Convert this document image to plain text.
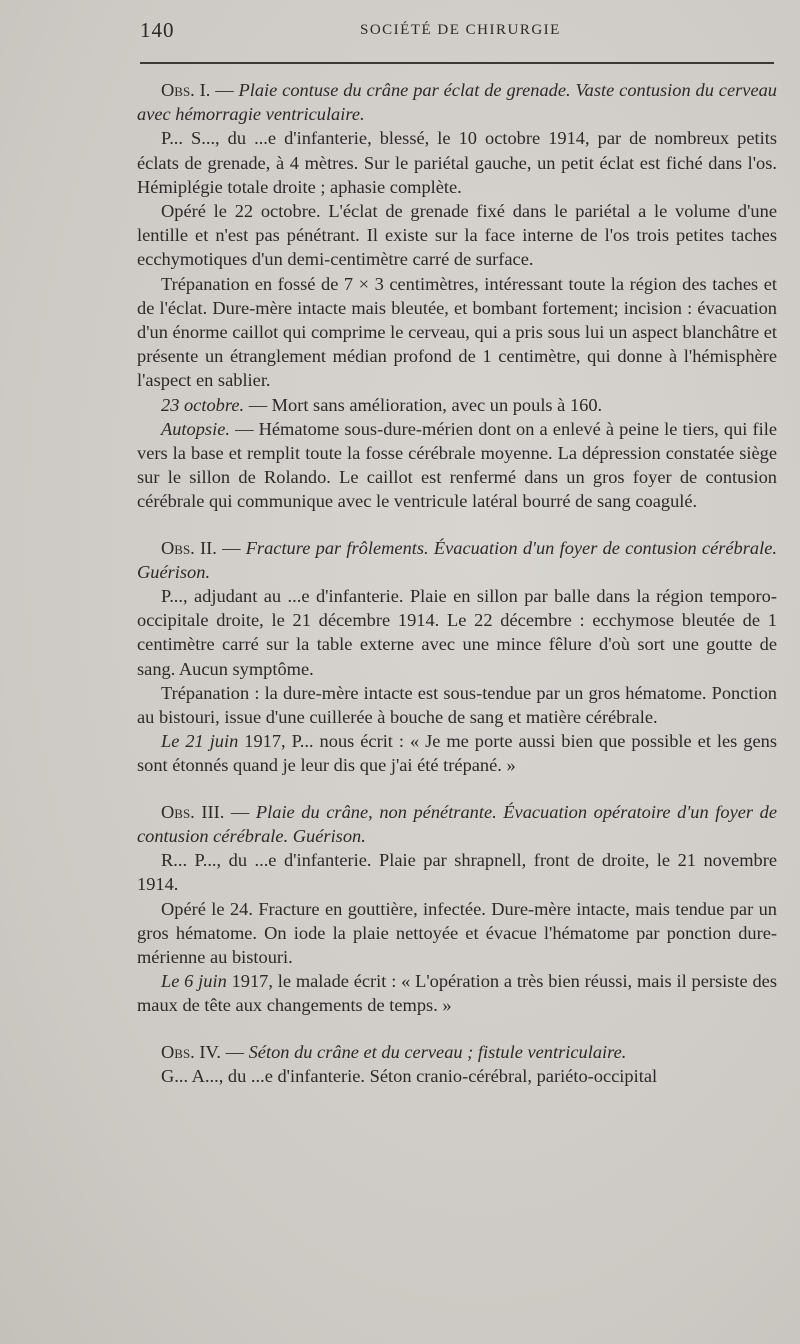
140	SOCIÉTÉ DE CHIRURGIE

Obs. I. — Plaie contuse du crâne par éclat de grenade. Vaste contusion du cerveau avec hémorragie ventriculaire.

P... S..., du ...e d'infanterie, blessé, le 10 octobre 1914, par de nombreux petits éclats de grenade, à 4 mètres. Sur le pariétal gauche, un petit éclat est fiché dans l'os. Hémiplégie totale droite ; aphasie complète.

Opéré le 22 octobre. L'éclat de grenade fixé dans le pariétal a le volume d'une lentille et n'est pas pénétrant. Il existe sur la face interne de l'os trois petites taches ecchymotiques d'un demi-centimètre carré de surface.

Trépanation en fossé de 7 × 3 centimètres, intéressant toute la région des taches et de l'éclat. Dure-mère intacte mais bleutée, et bombant fortement; incision : évacuation d'un énorme caillot qui comprime le cerveau, qui a pris sous lui un aspect blanchâtre et présente un étranglement médian profond de 1 centimètre, qui donne à l'hémisphère l'aspect en sablier.

23 octobre. — Mort sans amélioration, avec un pouls à 160.

Autopsie. — Hématome sous-dure-mérien dont on a enlevé à peine le tiers, qui file vers la base et remplit toute la fosse cérébrale moyenne. La dépression constatée siège sur le sillon de Rolando. Le caillot est renfermé dans un gros foyer de contusion cérébrale qui communique avec le ventricule latéral bourré de sang coagulé.

Obs. II. — Fracture par frôlements. Évacuation d'un foyer de contusion cérébrale. Guérison.

P..., adjudant au ...e d'infanterie. Plaie en sillon par balle dans la région temporo-occipitale droite, le 21 décembre 1914. Le 22 décembre : ecchymose bleutée de 1 centimètre carré sur la table externe avec une mince fêlure d'où sort une goutte de sang. Aucun symptôme.

Trépanation : la dure-mère intacte est sous-tendue par un gros hématome. Ponction au bistouri, issue d'une cuillerée à bouche de sang et matière cérébrale.

Le 21 juin 1917, P... nous écrit : « Je me porte aussi bien que possible et les gens sont étonnés quand je leur dis que j'ai été trépané. »

Obs. III. — Plaie du crâne, non pénétrante. Évacuation opératoire d'un foyer de contusion cérébrale. Guérison.

R... P..., du ...e d'infanterie. Plaie par shrapnell, front de droite, le 21 novembre 1914.

Opéré le 24. Fracture en gouttière, infectée. Dure-mère intacte, mais tendue par un gros hématome. On iode la plaie nettoyée et évacue l'hématome par ponction dure-mérienne au bistouri.

Le 6 juin 1917, le malade écrit : « L'opération a très bien réussi, mais il persiste des maux de tête aux changements de temps. »

Obs. IV. — Séton du crâne et du cerveau ; fistule ventriculaire.

G... A..., du ...e d'infanterie. Séton cranio-cérébral, pariéto-occipital
